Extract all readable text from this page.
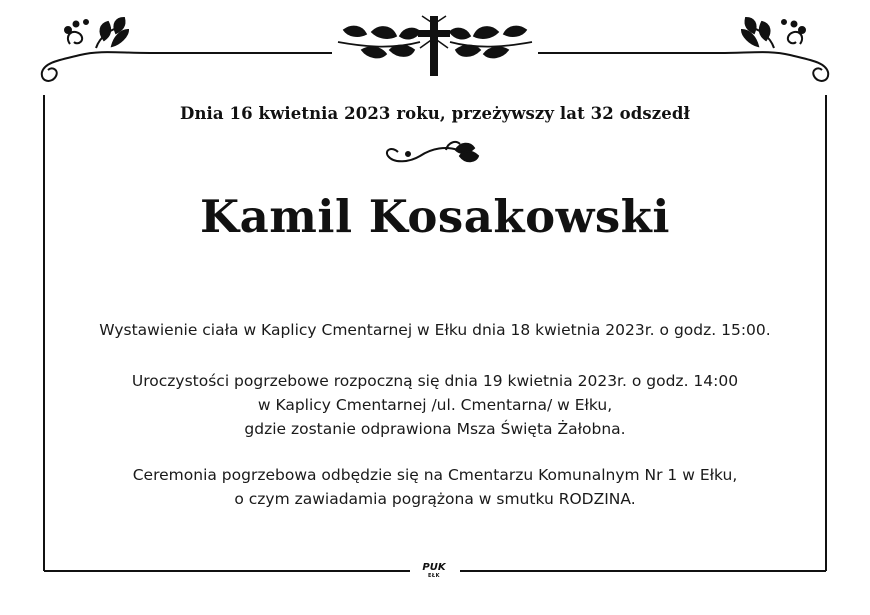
Dnia 16 kwietnia 2023 roku, przeżywszy lat 32 odszedł
Kamil Kosakowski
Wystawienie ciała w Kaplicy Cmentarnej w Ełku dnia 18 kwietnia 2023r. o godz. 15:00.
Uroczystości pogrzebowe rozpoczną się dnia 19 kwietnia 2023r. o godz. 14:00
w Kaplicy Cmentarnej /ul. Cmentarna/ w Ełku,
gdzie zostanie odprawiona Msza Święta Żałobna.
Ceremonia pogrzebowa odbędzie się na Cmentarzu Komunalnym Nr 1 w Ełku,
o czym zawiadamia pogrążona w smutku RODZINA.
PUK
EŁK
